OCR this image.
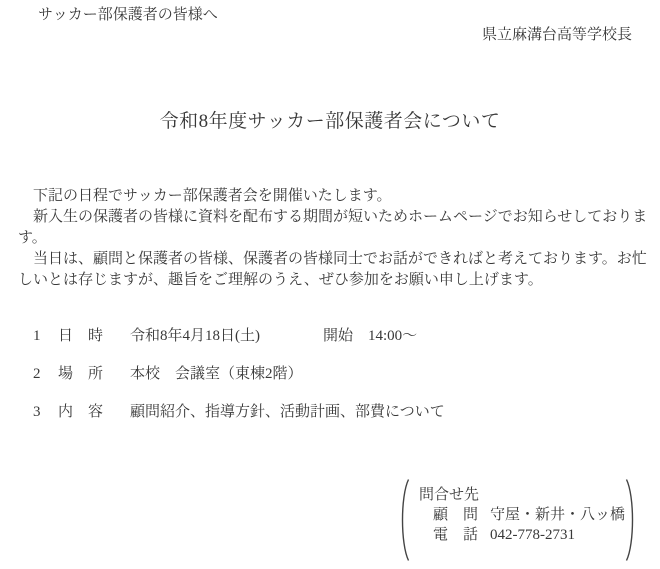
サッカー部保護者の皆様へ
県立麻溝台高等学校長
令和8年度サッカー部保護者会について
下記の日程でサッカー部保護者会を開催いたします。
新入生の保護者の皆様に資料を配布する期間が短いためホームページでお知らせしておりま
す。
当日は、顧問と保護者の皆様、保護者の皆様同士でお話ができればと考えております。お忙
しいとは存じますが、趣旨をご理解のうえ、ぜひ参加をお願い申し上げます。
1	日　時	令和8年4月18日(土)	開始　14:00～
2	場　所	本校　会議室（東棟2階）
3	内　容	顧問紹介、指導方針、活動計画、部費について
問合せ先
顧　問 守屋・新井・八ッ橋
電　話 042-778-2731
